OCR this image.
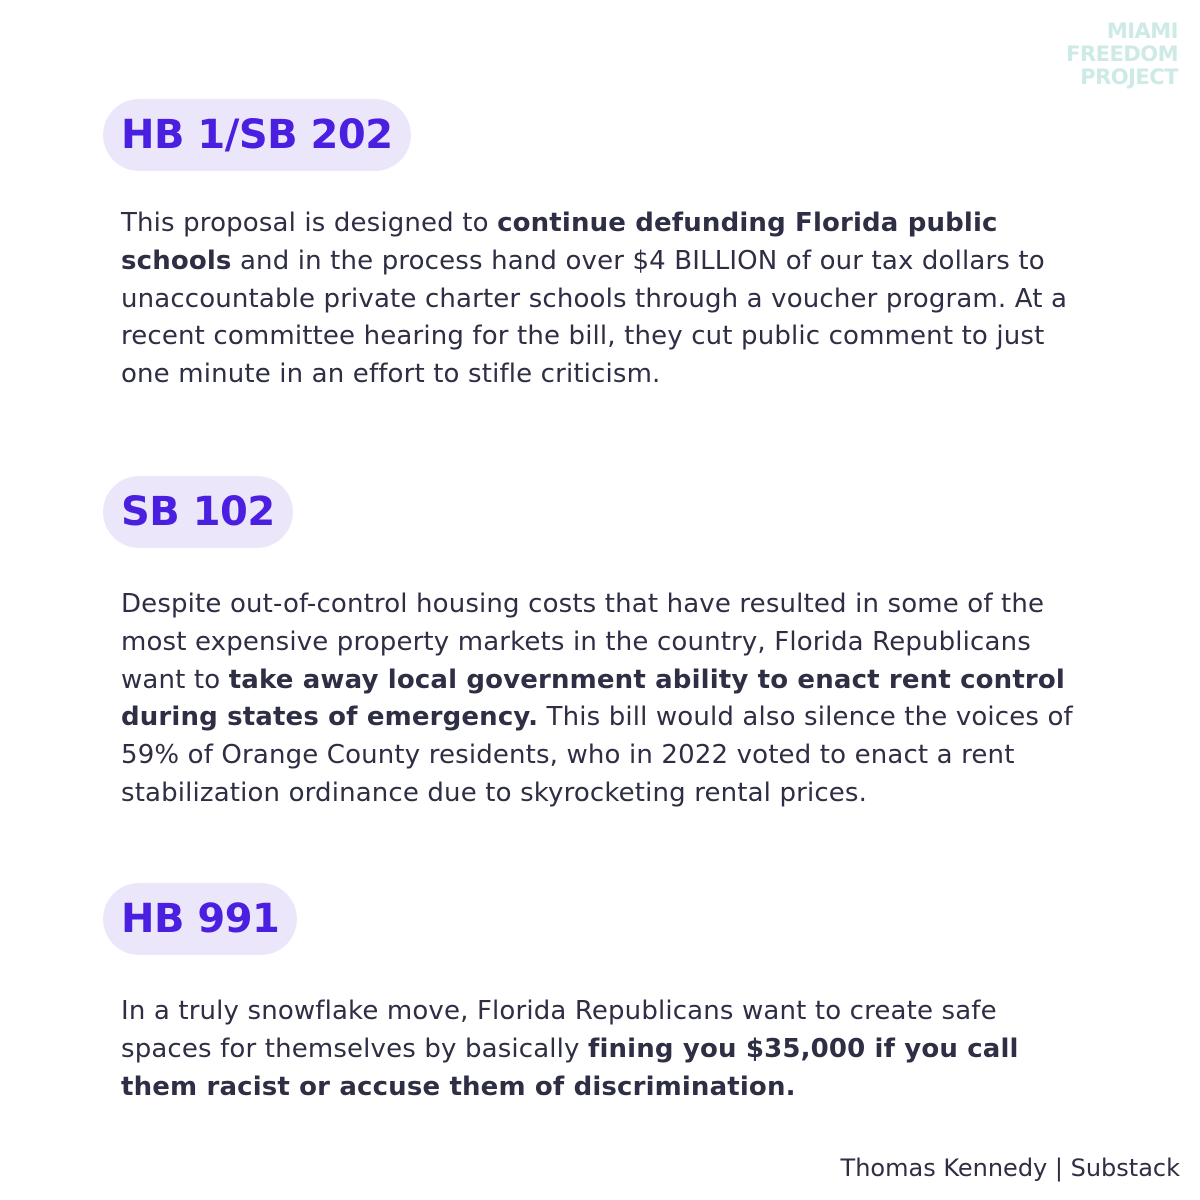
MIAMI
FREEDOM
PROJECT
HB 1/SB 202

This proposal is designed to continue defunding Florida public schools and in the process hand over $4 BILLION of our tax dollars to unaccountable private charter schools through a voucher program. At a recent committee hearing for the bill, they cut public comment to just one minute in an effort to stifle criticism.

SB 102

Despite out-of-control housing costs that have resulted in some of the most expensive property markets in the country, Florida Republicans want to take away local government ability to enact rent control during states of emergency. This bill would also silence the voices of 59% of Orange County residents, who in 2022 voted to enact a rent stabilization ordinance due to skyrocketing rental prices.

HB 991

In a truly snowflake move, Florida Republicans want to create safe spaces for themselves by basically fining you $35,000 if you call them racist or accuse them of discrimination.

Thomas Kennedy | Substack
